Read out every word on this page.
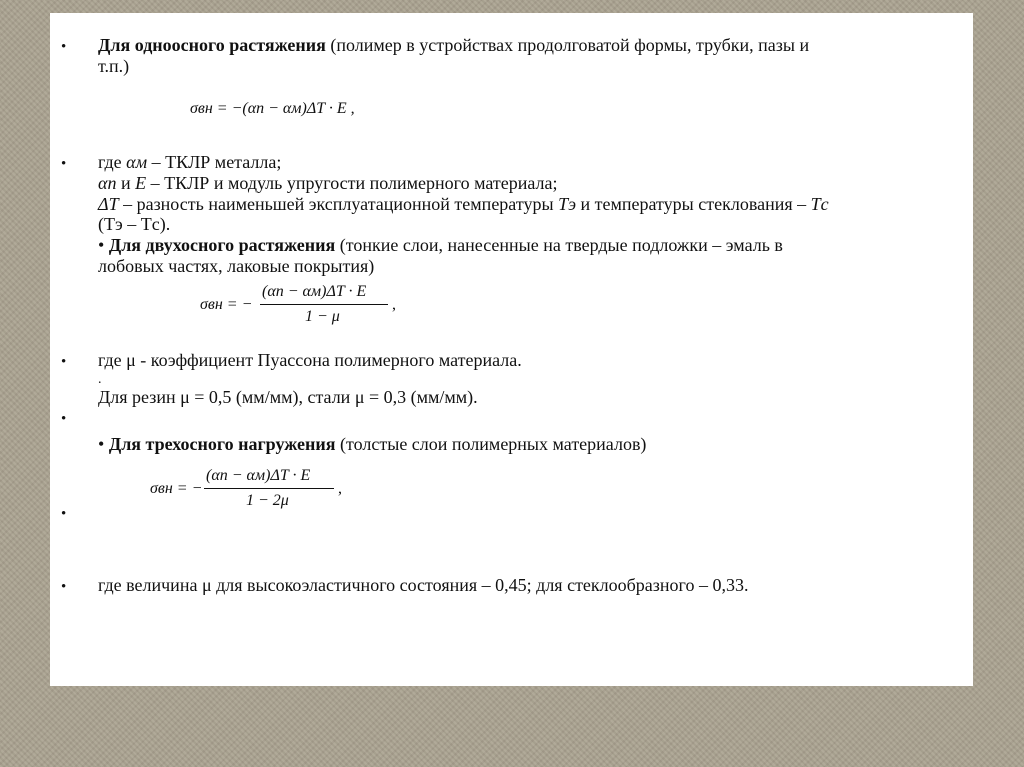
• Для одноосного растяжения (полимер в устройствах продолговатой формы, трубки, пазы и
т.п.)
σвн = −(αп − αм)ΔT · E ,
• где αм – ТКЛР металла;
αп и E – ТКЛР и модуль упругости полимерного материала;
ΔT – разность наименьшей эксплуатационной температуры Tэ и температуры стеклования – Tс
(Tэ – Tс).
• Для двухосного растяжения (тонкие слои, нанесенные на твердые подложки – эмаль в
лобовых частях, лаковые покрытия)
σвн = −
(αп − αм)ΔT · E
1 − μ
,
• где μ - коэффициент Пуассона полимерного материала.
.
Для резин μ = 0,5 (мм/мм), стали μ = 0,3 (мм/мм).
•
• Для трехосного нагружения (толстые слои полимерных материалов)
σвн = −
(αп − αм)ΔT · E
1 − 2μ
,
•
• где величина μ для высокоэластичного состояния – 0,45; для стеклообразного – 0,33.
